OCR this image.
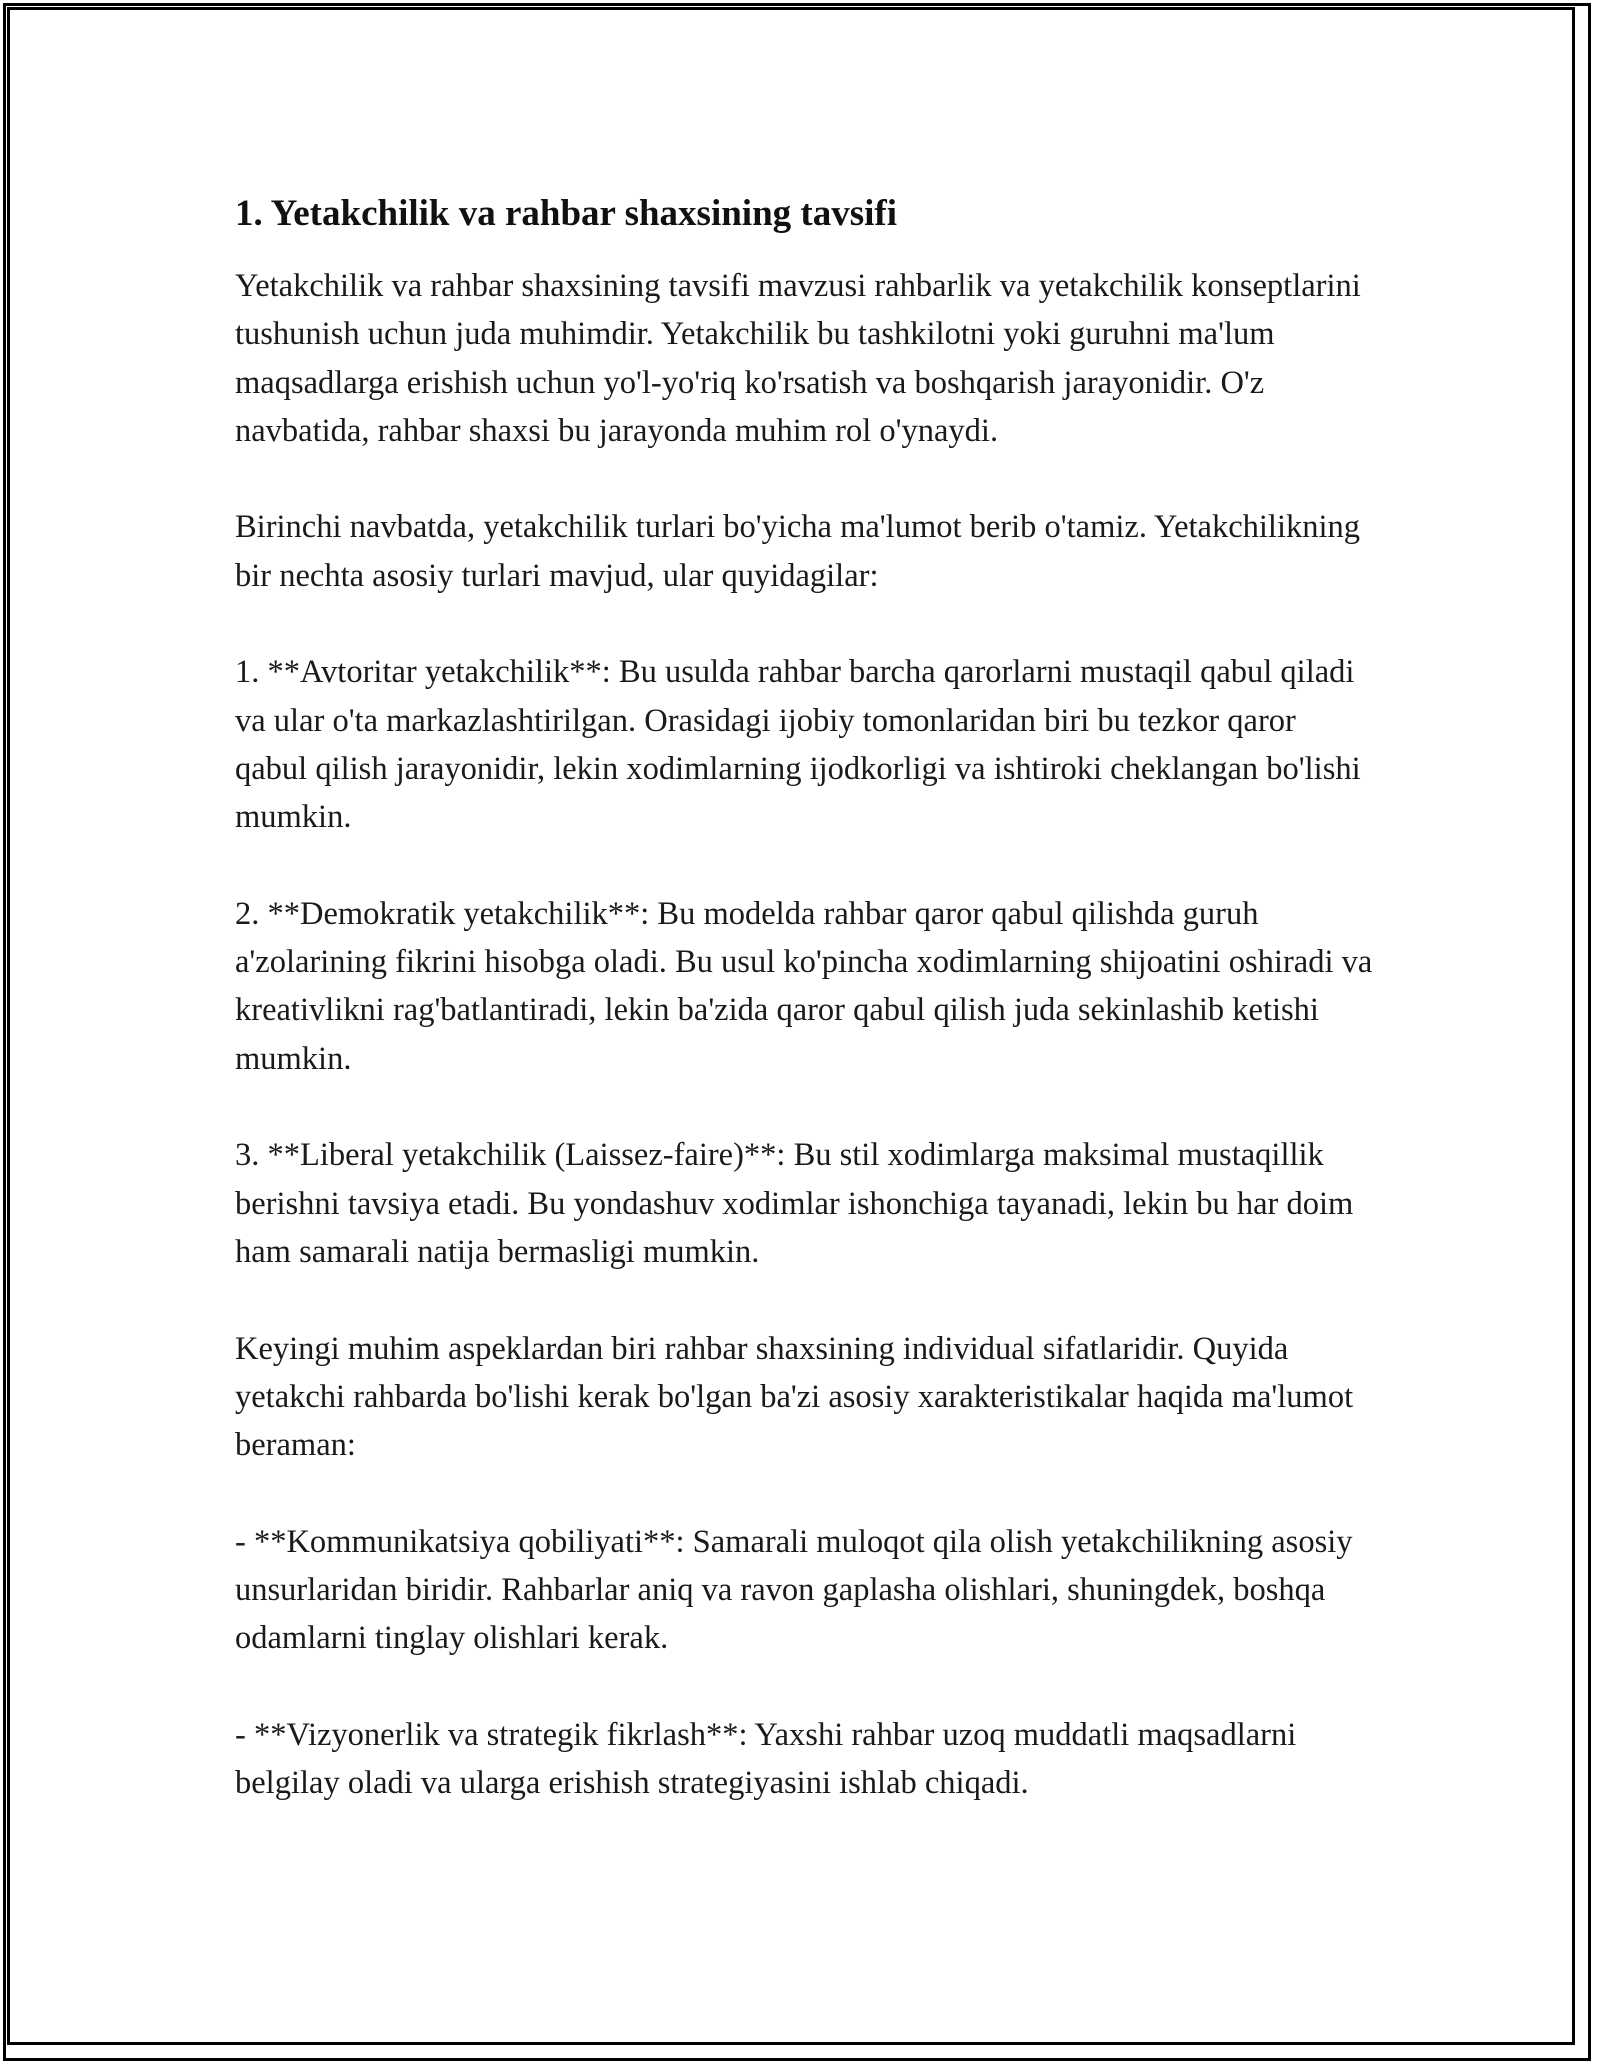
1. Yetakchilik va rahbar shaxsining tavsifi

Yetakchilik va rahbar shaxsining tavsifi mavzusi rahbarlik va yetakchilik konseptlarini tushunish uchun juda muhimdir. Yetakchilik bu tashkilotni yoki guruhni ma'lum maqsadlarga erishish uchun yo'l-yo'riq ko'rsatish va boshqarish jarayonidir. O'z navbatida, rahbar shaxsi bu jarayonda muhim rol o'ynaydi.

Birinchi navbatda, yetakchilik turlari bo'yicha ma'lumot berib o'tamiz. Yetakchilikning bir nechta asosiy turlari mavjud, ular quyidagilar:

1. **Avtoritar yetakchilik**: Bu usulda rahbar barcha qarorlarni mustaqil qabul qiladi va ular o'ta markazlashtirilgan. Orasidagi ijobiy tomonlaridan biri bu tezkor qaror qabul qilish jarayonidir, lekin xodimlarning ijodkorligi va ishtiroki cheklangan bo'lishi mumkin.

2. **Demokratik yetakchilik**: Bu modelda rahbar qaror qabul qilishda guruh a'zolarining fikrini hisobga oladi. Bu usul ko'pincha xodimlarning shijoatini oshiradi va kreativlikni rag'batlantiradi, lekin ba'zida qaror qabul qilish juda sekinlashib ketishi mumkin.

3. **Liberal yetakchilik (Laissez-faire)**: Bu stil xodimlarga maksimal mustaqillik berishni tavsiya etadi. Bu yondashuv xodimlar ishonchiga tayanadi, lekin bu har doim ham samarali natija bermasligi mumkin.

Keyingi muhim aspeklardan biri rahbar shaxsining individual sifatlaridir. Quyida yetakchi rahbarda bo'lishi kerak bo'lgan ba'zi asosiy xarakteristikalar haqida ma'lumot beraman:

- **Kommunikatsiya qobiliyati**: Samarali muloqot qila olish yetakchilikning asosiy unsurlaridan biridir. Rahbarlar aniq va ravon gaplasha olishlari, shuningdek, boshqa odamlarni tinglay olishlari kerak.

- **Vizyonerlik va strategik fikrlash**: Yaxshi rahbar uzoq muddatli maqsadlarni belgilay oladi va ularga erishish strategiyasini ishlab chiqadi.
